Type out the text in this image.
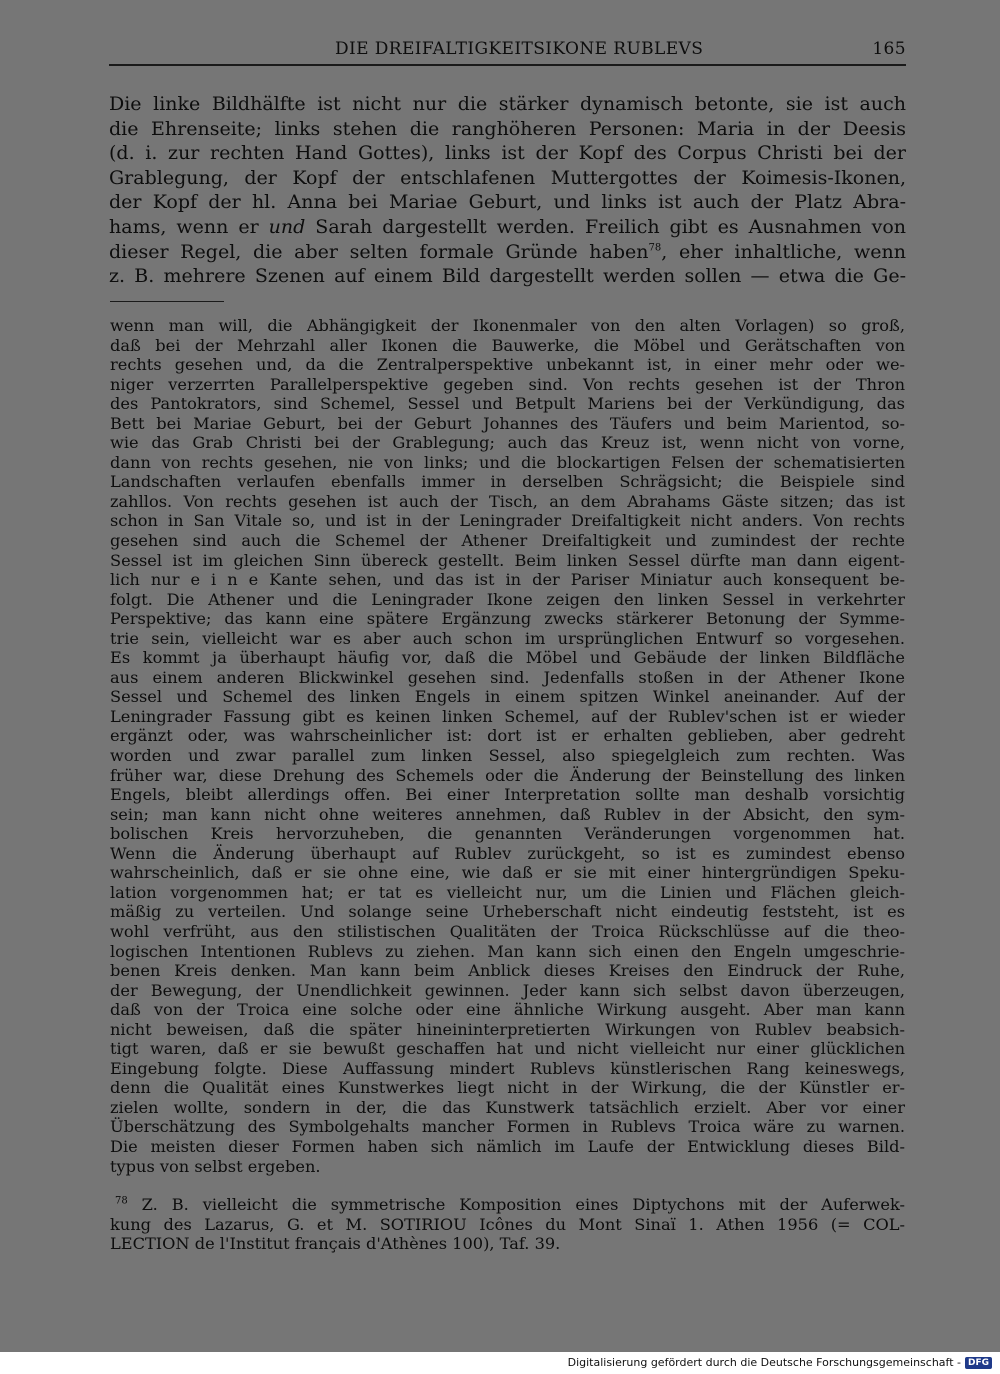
DIE DREIFALTIGKEITSIKONE RUBLEVS	165
Die linke Bildhälfte ist nicht nur die stärker dynamisch betonte, sie ist auch
die Ehrenseite; links stehen die ranghöheren Personen: Maria in der Deesis
(d. i. zur rechten Hand Gottes), links ist der Kopf des Corpus Christi bei der
Grablegung, der Kopf der entschlafenen Muttergottes der Koimesis-Ikonen,
der Kopf der hl. Anna bei Mariae Geburt, und links ist auch der Platz Abra-
hams, wenn er und Sarah dargestellt werden. Freilich gibt es Ausnahmen von
dieser Regel, die aber selten formale Gründe haben$^{78}$, eher inhaltliche, wenn
z. B. mehrere Szenen auf einem Bild dargestellt werden sollen — etwa die Ge-
wenn man will, die Abhängigkeit der Ikonenmaler von den alten Vorlagen) so groß,
daß bei der Mehrzahl aller Ikonen die Bauwerke, die Möbel und Gerätschaften von
rechts gesehen und, da die Zentralperspektive unbekannt ist, in einer mehr oder we-
niger verzerrten Parallelperspektive gegeben sind. Von rechts gesehen ist der Thron
des Pantokrators, sind Schemel, Sessel und Betpult Mariens bei der Verkündigung, das
Bett bei Mariae Geburt, bei der Geburt Johannes des Täufers und beim Marientod, so-
wie das Grab Christi bei der Grablegung; auch das Kreuz ist, wenn nicht von vorne,
dann von rechts gesehen, nie von links; und die blockartigen Felsen der schematisierten
Landschaften verlaufen ebenfalls immer in derselben Schrägsicht; die Beispiele sind
zahllos. Von rechts gesehen ist auch der Tisch, an dem Abrahams Gäste sitzen; das ist
schon in San Vitale so, und ist in der Leningrader Dreifaltigkeit nicht anders. Von rechts
gesehen sind auch die Schemel der Athener Dreifaltigkeit und zumindest der rechte
Sessel ist im gleichen Sinn übereck gestellt. Beim linken Sessel dürfte man dann eigent-
lich nur e i n e Kante sehen, und das ist in der Pariser Miniatur auch konsequent be-
folgt. Die Athener und die Leningrader Ikone zeigen den linken Sessel in verkehrter
Perspektive; das kann eine spätere Ergänzung zwecks stärkerer Betonung der Symme-
trie sein, vielleicht war es aber auch schon im ursprünglichen Entwurf so vorgesehen.
Es kommt ja überhaupt häufig vor, daß die Möbel und Gebäude der linken Bildfläche
aus einem anderen Blickwinkel gesehen sind. Jedenfalls stoßen in der Athener Ikone
Sessel und Schemel des linken Engels in einem spitzen Winkel aneinander. Auf der
Leningrader Fassung gibt es keinen linken Schemel, auf der Rublev'schen ist er wieder
ergänzt oder, was wahrscheinlicher ist: dort ist er erhalten geblieben, aber gedreht
worden und zwar parallel zum linken Sessel, also spiegelgleich zum rechten. Was
früher war, diese Drehung des Schemels oder die Änderung der Beinstellung des linken
Engels, bleibt allerdings offen. Bei einer Interpretation sollte man deshalb vorsichtig
sein; man kann nicht ohne weiteres annehmen, daß Rublev in der Absicht, den sym-
bolischen Kreis hervorzuheben, die genannten Veränderungen vorgenommen hat.
Wenn die Änderung überhaupt auf Rublev zurückgeht, so ist es zumindest ebenso
wahrscheinlich, daß er sie ohne eine, wie daß er sie mit einer hintergründigen Speku-
lation vorgenommen hat; er tat es vielleicht nur, um die Linien und Flächen gleich-
mäßig zu verteilen. Und solange seine Urheberschaft nicht eindeutig feststeht, ist es
wohl verfrüht, aus den stilistischen Qualitäten der Troica Rückschlüsse auf die theo-
logischen Intentionen Rublevs zu ziehen. Man kann sich einen den Engeln umgeschrie-
benen Kreis denken. Man kann beim Anblick dieses Kreises den Eindruck der Ruhe,
der Bewegung, der Unendlichkeit gewinnen. Jeder kann sich selbst davon überzeugen,
daß von der Troica eine solche oder eine ähnliche Wirkung ausgeht. Aber man kann
nicht beweisen, daß die später hineininterpretierten Wirkungen von Rublev beabsich-
tigt waren, daß er sie bewußt geschaffen hat und nicht vielleicht nur einer glücklichen
Eingebung folgte. Diese Auffassung mindert Rublevs künstlerischen Rang keineswegs,
denn die Qualität eines Kunstwerkes liegt nicht in der Wirkung, die der Künstler er-
zielen wollte, sondern in der, die das Kunstwerk tatsächlich erzielt. Aber vor einer
Überschätzung des Symbolgehalts mancher Formen in Rublevs Troica wäre zu warnen.
Die meisten dieser Formen haben sich nämlich im Laufe der Entwicklung dieses Bild-
typus von selbst ergeben.
$^{78}$ Z. B. vielleicht die symmetrische Komposition eines Diptychons mit der Auferwek-
kung des Lazarus, G. et M. SOTIRIOU Icônes du Mont Sinaï 1. Athen 1956 (= COL-
LECTION de l'Institut français d'Athènes 100), Taf. 39.
Digitalisierung gefördert durch die Deutsche Forschungsgemeinschaft - DFG
